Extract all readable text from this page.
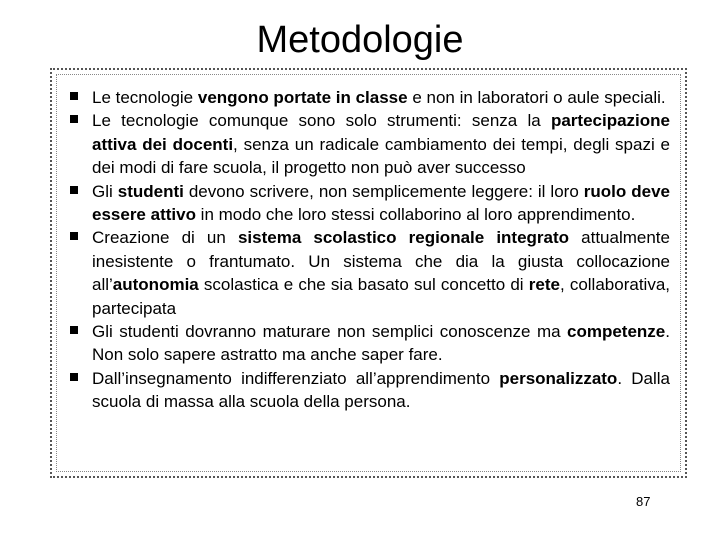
Metodologie
Le tecnologie vengono portate in classe e non in laboratori o aule speciali.
Le tecnologie comunque sono solo strumenti: senza la partecipazione attiva dei docenti, senza un radicale cambiamento dei tempi, degli spazi e dei modi di fare scuola, il progetto non può aver successo
Gli studenti devono scrivere, non semplicemente leggere: il loro ruolo deve essere attivo in modo che loro stessi collaborino al loro apprendimento.
Creazione di un sistema scolastico regionale integrato attualmente inesistente o frantumato. Un sistema che dia la giusta collocazione all’autonomia scolastica e che sia basato sul concetto di rete, collaborativa, partecipata
Gli studenti dovranno maturare non semplici conoscenze ma competenze. Non solo sapere astratto ma anche saper fare.
Dall’insegnamento indifferenziato all’apprendimento personalizzato. Dalla scuola di massa alla scuola della persona.
87
